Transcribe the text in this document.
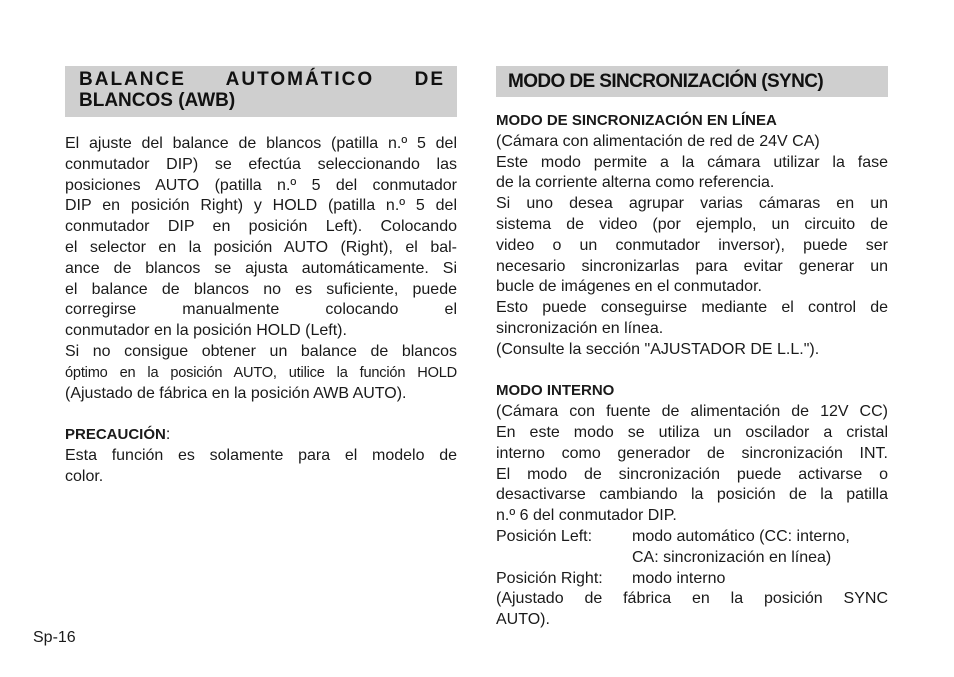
BALANCE AUTOMÁTICO DE
BLANCOS (AWB)

El ajuste del balance de blancos (patilla n.º 5 del

conmutador DIP) se efectúa seleccionando las

posiciones AUTO (patilla n.º 5 del conmutador

DIP en posición Right) y HOLD (patilla n.º 5 del

conmutador DIP en posición Left). Colocando

el selector en la posición AUTO (Right), el bal-

ance de blancos se ajusta automáticamente. Si

el balance de blancos no es suficiente, puede

corregirse manualmente colocando el

conmutador en la posición HOLD (Left).

Si no consigue obtener un balance de blancos

óptimo en la posición AUTO, utilice la función HOLD

(Ajustado de fábrica en la posición AWB AUTO).

PRECAUCIÓN:

Esta función es solamente para el modelo de

color.

MODO DE SINCRONIZACIÓN (SYNC)

MODO DE SINCRONIZACIÓN EN LÍNEA

(Cámara con alimentación de red de 24V CA)

Este modo permite a la cámara utilizar la fase

de la corriente alterna como referencia.

Si uno desea agrupar varias cámaras en un

sistema de video (por ejemplo, un circuito de

video o un conmutador inversor), puede ser

necesario sincronizarlas para evitar generar un

bucle de imágenes en el conmutador.

Esto puede conseguirse mediante el control de

sincronización en línea.

(Consulte la sección "AJUSTADOR DE L.L.").

MODO INTERNO

(Cámara con fuente de alimentación de 12V CC)

En este modo se utiliza un oscilador a cristal

interno como generador de sincronización INT.

El modo de sincronización puede activarse o

desactivarse cambiando la posición de la patilla

n.º 6 del conmutador DIP.

Posición Left:	modo automático (CC: interno,

CA: sincronización en línea)

Posición Right:	modo interno

(Ajustado de fábrica en la posición SYNC

AUTO).

Sp-16
